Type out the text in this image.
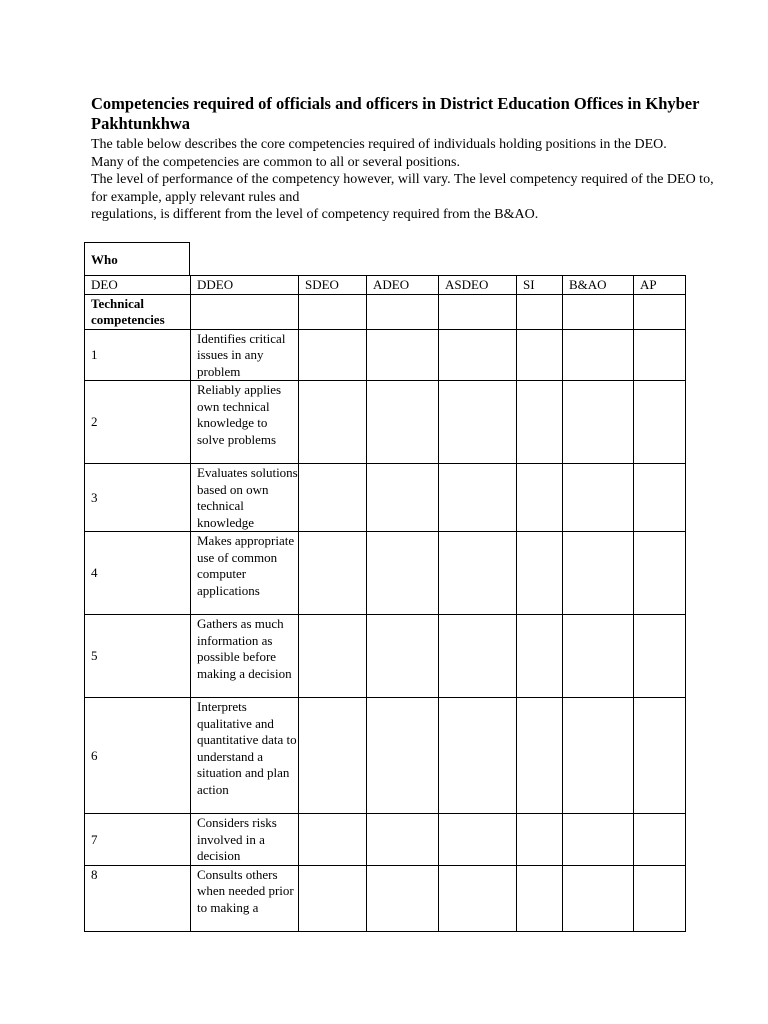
Competencies required of officials and officers in District Education Offices in Khyber Pakhtunkhwa

The table below describes the core competencies required of individuals holding positions in the DEO.

Many of the competencies are common to all or several positions.

The level of performance of the competency however, will vary. The level competency required of the DEO to, for example, apply relevant rules and

regulations, is different from the level of competency required from the B&AO.

Who
DEO	DDEO	SDEO	ADEO	ASDEO	SI	B&AO	AP
Technical competencies							
1	Identifies critical issues in any problem						
2	Reliably applies own technical knowledge to solve problems						
3	Evaluates solutions based on own technical knowledge						
4	Makes appropriate use of common computer applications						
5	Gathers as much information as possible before making a decision						
6	Interprets qualitative and quantitative data to understand a situation and plan action						
7	Considers risks involved in a decision						
8	Consults others when needed prior to making a						
